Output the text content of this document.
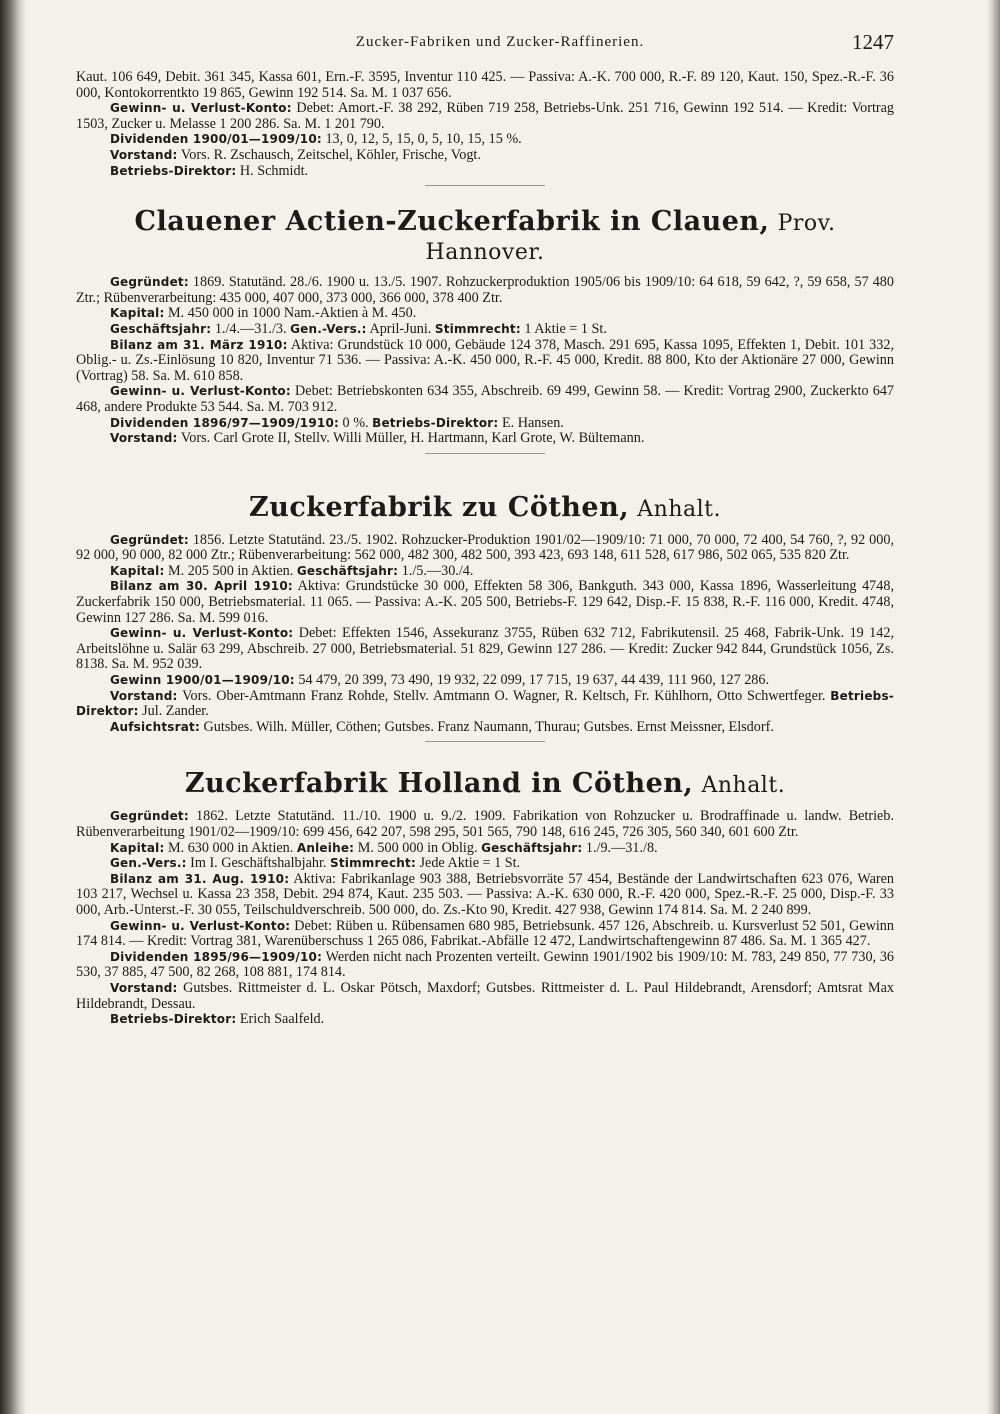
Zucker-Fabriken und Zucker-Raffinerien.	1247

Kaut. 106 649, Debit. 361 345, Kassa 601, Ern.-F. 3595, Inventur 110 425. — Passiva: A.-K. 700 000, R.-F. 89 120, Kaut. 150, Spez.-R.-F. 36 000, Kontokorrentkto 19 865, Gewinn 192 514. Sa. M. 1 037 656.

Gewinn- u. Verlust-Konto: Debet: Amort.-F. 38 292, Rüben 719 258, Betriebs-Unk. 251 716, Gewinn 192 514. — Kredit: Vortrag 1503, Zucker u. Melasse 1 200 286. Sa. M. 1 201 790.

Dividenden 1900/01—1909/10: 13, 0, 12, 5, 15, 0, 5, 10, 15, 15 %.

Vorstand: Vors. R. Zschausch, Zeitschel, Köhler, Frische, Vogt.

Betriebs-Direktor: H. Schmidt.

Clauener Actien-Zuckerfabrik in Clauen, Prov. Hannover.

Gegründet: 1869. Statutänd. 28./6. 1900 u. 13./5. 1907. Rohzuckerproduktion 1905/06 bis 1909/10: 64 618, 59 642, ?, 59 658, 57 480 Ztr.; Rübenverarbeitung: 435 000, 407 000, 373 000, 366 000, 378 400 Ztr.

Kapital: M. 450 000 in 1000 Nam.-Aktien à M. 450.

Geschäftsjahr: 1./4.—31./3. Gen.-Vers.: April-Juni. Stimmrecht: 1 Aktie = 1 St.

Bilanz am 31. März 1910: Aktiva: Grundstück 10 000, Gebäude 124 378, Masch. 291 695, Kassa 1095, Effekten 1, Debit. 101 332, Oblig.- u. Zs.-Einlösung 10 820, Inventur 71 536. — Passiva: A.-K. 450 000, R.-F. 45 000, Kredit. 88 800, Kto der Aktionäre 27 000, Gewinn (Vortrag) 58. Sa. M. 610 858.

Gewinn- u. Verlust-Konto: Debet: Betriebskonten 634 355, Abschreib. 69 499, Gewinn 58. — Kredit: Vortrag 2900, Zuckerkto 647 468, andere Produkte 53 544. Sa. M. 703 912.

Dividenden 1896/97—1909/1910: 0 %. Betriebs-Direktor: E. Hansen.

Vorstand: Vors. Carl Grote II, Stellv. Willi Müller, H. Hartmann, Karl Grote, W. Bültemann.

Zuckerfabrik zu Cöthen, Anhalt.

Gegründet: 1856. Letzte Statutänd. 23./5. 1902. Rohzucker-Produktion 1901/02—1909/10: 71 000, 70 000, 72 400, 54 760, ?, 92 000, 92 000, 90 000, 82 000 Ztr.; Rübenverarbeitung: 562 000, 482 300, 482 500, 393 423, 693 148, 611 528, 617 986, 502 065, 535 820 Ztr.

Kapital: M. 205 500 in Aktien. Geschäftsjahr: 1./5.—30./4.

Bilanz am 30. April 1910: Aktiva: Grundstücke 30 000, Effekten 58 306, Bankguth. 343 000, Kassa 1896, Wasserleitung 4748, Zuckerfabrik 150 000, Betriebsmaterial. 11 065. — Passiva: A.-K. 205 500, Betriebs-F. 129 642, Disp.-F. 15 838, R.-F. 116 000, Kredit. 4748, Gewinn 127 286. Sa. M. 599 016.

Gewinn- u. Verlust-Konto: Debet: Effekten 1546, Assekuranz 3755, Rüben 632 712, Fabrikutensil. 25 468, Fabrik-Unk. 19 142, Arbeitslöhne u. Salär 63 299, Abschreib. 27 000, Betriebsmaterial. 51 829, Gewinn 127 286. — Kredit: Zucker 942 844, Grundstück 1056, Zs. 8138. Sa. M. 952 039.

Gewinn 1900/01—1909/10: 54 479, 20 399, 73 490, 19 932, 22 099, 17 715, 19 637, 44 439, 111 960, 127 286.

Vorstand: Vors. Ober-Amtmann Franz Rohde, Stellv. Amtmann O. Wagner, R. Keltsch, Fr. Kühlhorn, Otto Schwertfeger. Betriebs-Direktor: Jul. Zander.

Aufsichtsrat: Gutsbes. Wilh. Müller, Cöthen; Gutsbes. Franz Naumann, Thurau; Gutsbes. Ernst Meissner, Elsdorf.

Zuckerfabrik Holland in Cöthen, Anhalt.

Gegründet: 1862. Letzte Statutänd. 11./10. 1900 u. 9./2. 1909. Fabrikation von Rohzucker u. Brodraffinade u. landw. Betrieb. Rübenverarbeitung 1901/02—1909/10: 699 456, 642 207, 598 295, 501 565, 790 148, 616 245, 726 305, 560 340, 601 600 Ztr.

Kapital: M. 630 000 in Aktien. Anleihe: M. 500 000 in Oblig. Geschäftsjahr: 1./9.—31./8.

Gen.-Vers.: Im I. Geschäftshalbjahr. Stimmrecht: Jede Aktie = 1 St.

Bilanz am 31. Aug. 1910: Aktiva: Fabrikanlage 903 388, Betriebsvorräte 57 454, Bestände der Landwirtschaften 623 076, Waren 103 217, Wechsel u. Kassa 23 358, Debit. 294 874, Kaut. 235 503. — Passiva: A.-K. 630 000, R.-F. 420 000, Spez.-R.-F. 25 000, Disp.-F. 33 000, Arb.-Unterst.-F. 30 055, Teilschuldverschreib. 500 000, do. Zs.-Kto 90, Kredit. 427 938, Gewinn 174 814. Sa. M. 2 240 899.

Gewinn- u. Verlust-Konto: Debet: Rüben u. Rübensamen 680 985, Betriebsunk. 457 126, Abschreib. u. Kursverlust 52 501, Gewinn 174 814. — Kredit: Vortrag 381, Warenüberschuss 1 265 086, Fabrikat.-Abfälle 12 472, Landwirtschaftengewinn 87 486. Sa. M. 1 365 427.

Dividenden 1895/96—1909/10: Werden nicht nach Prozenten verteilt. Gewinn 1901/1902 bis 1909/10: M. 783, 249 850, 77 730, 36 530, 37 885, 47 500, 82 268, 108 881, 174 814.

Vorstand: Gutsbes. Rittmeister d. L. Oskar Pötsch, Maxdorf; Gutsbes. Rittmeister d. L. Paul Hildebrandt, Arensdorf; Amtsrat Max Hildebrandt, Dessau.

Betriebs-Direktor: Erich Saalfeld.
